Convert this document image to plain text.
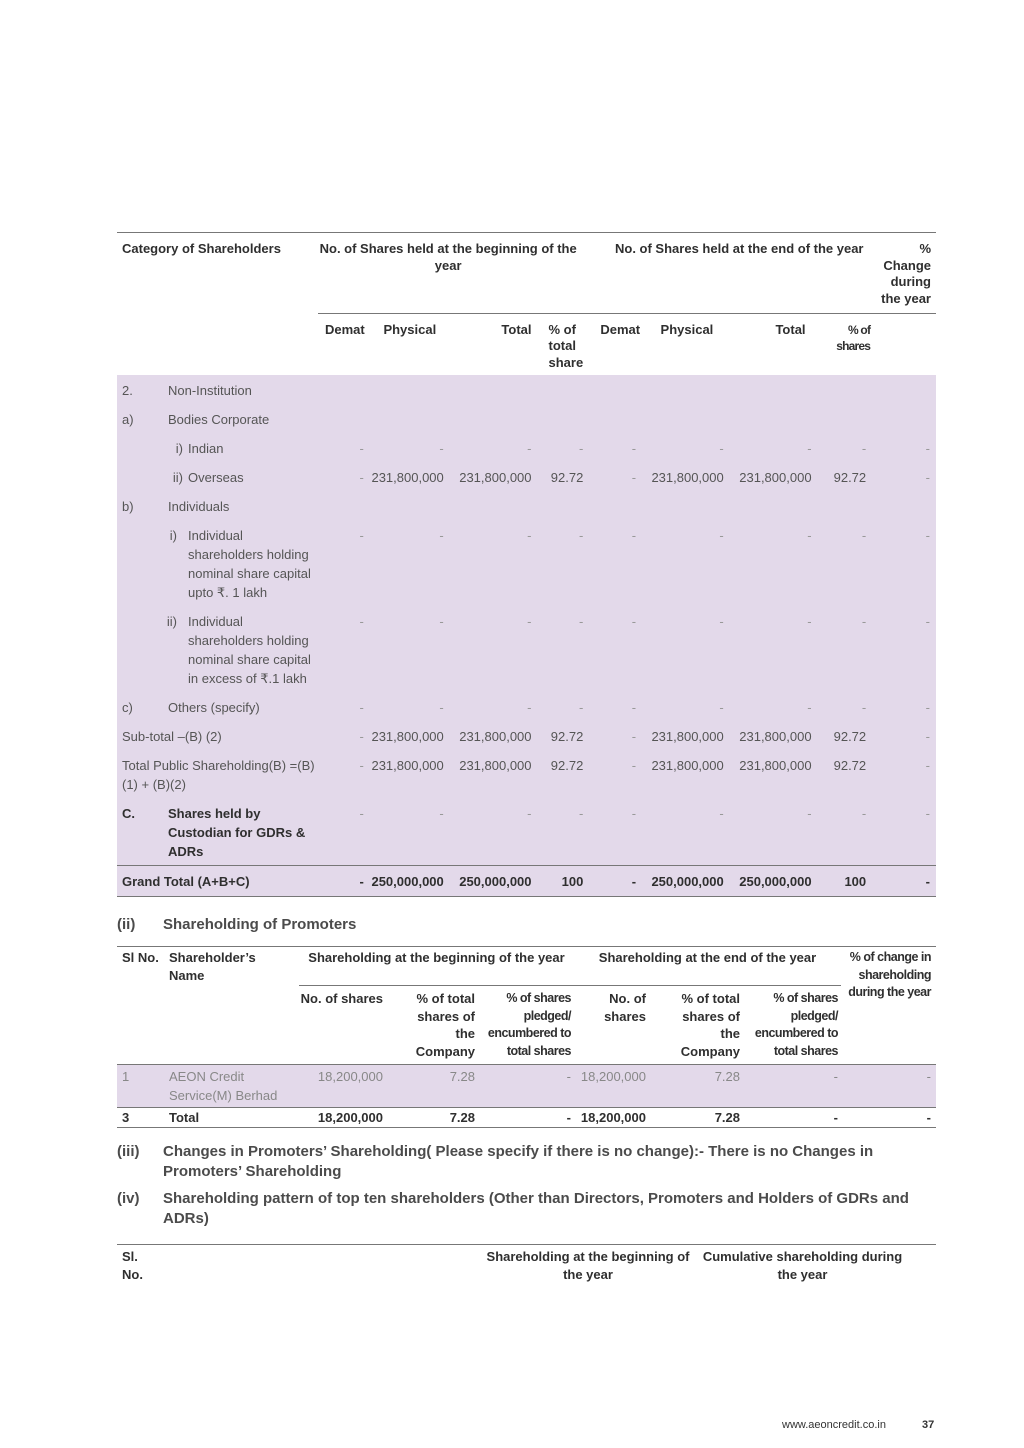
Category of Shareholders	No. of Shares held at the beginning of the year				No. of Shares held at the end of the year				% Change during the year
	Demat	Physical	Total	% of total share	Demat	Physical	Total	% of shares	

2. Non-Institution									

a) Bodies Corporate									

i) Indian	-	-	-	-	-	-	-	-	-

ii) Overseas	-	231,800,000	231,800,000	92.72	-	231,800,000	231,800,000	92.72	-

b) Individuals									

i) Individual shareholders holding nominal share capital upto ₹. 1 lakh	-	-	-	-	-	-	-	-	-

ii) Individual shareholders holding nominal share capital in excess of ₹.1 lakh	-	-	-	-	-	-	-	-	-

c) Others (specify)	-	-	-	-	-	-	-	-	-
Sub-total –(B) (2)	-	231,800,000	231,800,000	92.72	-	231,800,000	231,800,000	92.72	-
Total Public Shareholding(B) =(B)(1) + (B)(2)	-	231,800,000	231,800,000	92.72	-	231,800,000	231,800,000	92.72	-

C. Shares held by Custodian for GDRs & ADRs	-	-	-	-	-	-	-	-	-
Grand Total (A+B+C)	-	250,000,000	250,000,000	100	-	250,000,000	250,000,000	100	-
(ii) Shareholding of Promoters
Sl No.	Shareholder’s Name	Shareholding at the beginning of the year			Shareholding at the end of the year			% of change in shareholding during the year
		No. of shares	% of total shares of the Company	% of shares pledged/ encumbered to total shares	No. of shares	% of total shares of the Company	% of shares pledged/ encumbered to total shares	
1	AEON Credit Service(M) Berhad	18,200,000	7.28	-	18,200,000	7.28	-	-
3	Total	18,200,000	7.28	-	18,200,000	7.28	-	-
(iii) Changes in Promoters’ Shareholding( Please specify if there is no change):- There is no Changes in Promoters’ Shareholding
(iv) Shareholding pattern of top ten shareholders (Other than Directors, Promoters and Holders of GDRs and ADRs)
Sl. No.
	Shareholding at the beginning of the year	Cumulative shareholding during the year
www.aeoncredit.co.in	37
